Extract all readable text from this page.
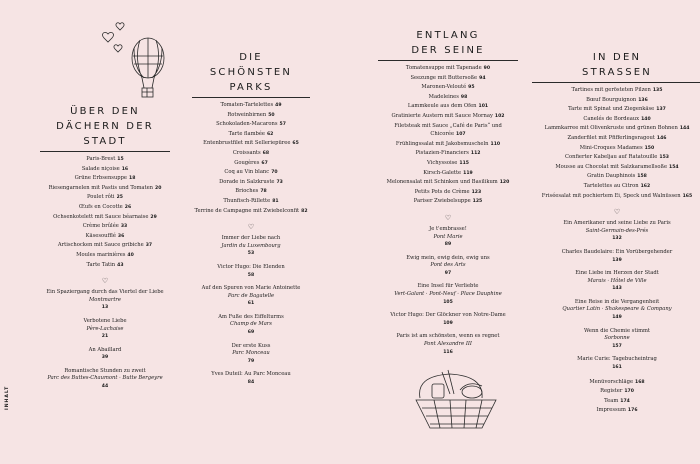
INHALT
ÜBER DEN
DÄCHERN DER
STADT
Paris-Brest 15
Salade niçoise 16
Grüne Erbsensuppe 18
Riesengarnelen mit Pastis und Tomaten 20
Poulet rôti 25
Œufs en Cocotte 26
Ochsenkotelett mit Sauce béarnaise 29
Crème brûlée 33
Käsesoufflé 36
Artischocken mit Sauce gribiche 37
Moules marinières 40
Tarte Tatin 43
♡

Ein Spaziergang durch das Viertel der Liebe
Montmartre
13

Verbotene Liebe
Père-Lachaise
21

An Abaillard
39

Romantische Stunden zu zweit
Parc des Buttes-Chaumont · Butte Bergeyre
44

DIE
SCHÖNSTEN
PARKS
Tomaten-Tartelettes 49
Rotweinbirnen 50
Schokoladen-Macarons 57
Tarte flambée 62
Entenbrustfilet mit Selleriepüree 65
Croissants 68
Gougères 67
Coq au Vin blanc 70
Dorade in Salzkruste 73
Brioches 78
Thunfisch-Rillette 81
Terrine de Campagne mit Zwiebelconfit 82
♡

Immer der Liebe nach
Jardin du Luxembourg
53

Victor Hugo: Die Elenden
58

Auf den Spuren von Marie Antoinette
Parc de Bagatelle
61

Am Fuße des Eiffelturms
Champ de Mars
69

Der erste Kuss
Parc Monceau
79

Yves Duteil: Au Parc Monceau
84

ENTLANG
DER SEINE
Tomatensuppe mit Tapenade 90
Seezunge mit Buttersoße 94
Maronen-Velouté 95
Madeleines 98
Lammkeule aus dem Ofen 101
Gratinierte Austern mit Sauce Mornay 102
Filetsteak mit Sauce „Café de Paris“ und Chicorée 107
Frühlingssalat mit Jakobsmuscheln 110
Pistazien-Financiers 112
Vichyssoise 115
Kirsch-Galette 119
Melonensalat mit Schinken und Basilikum 120
Petits Pots de Crème 123
Pariser Zwiebelsuppe 125
♡

Je t'embrasse!
Pont Marie
89

Ewig mein, ewig dein, ewig uns
Pont des Arts
97

Eine Insel für Verliebte
Vert-Galant · Pont-Neuf · Place Dauphine
105

Victor Hugo: Der Glöckner von Notre-Dame
109

Paris ist am schönsten, wenn es regnet
Pont Alexandre III
116

IN DEN
STRASSEN
Tartines mit gerösteten Pilzen 135
Bœuf Bourguignon 136
Tarte mit Spinat und Ziegenkäse 137
Canelés de Bordeaux 140
Lammkarree mit Olivenkruste und grünen Bohnen 144
Zanderfilet mit Pfifferlingsragout 146
Mini-Croques Madames 150
Confierter Kabeljau auf Ratatouille 153
Mousse au Chocolat mit Salzkaramellsoße 154
Gratin Dauphinois 158
Tartelettes au Citron 162
Friséesalat mit pochiertem Ei, Speck und Walnüssen 165
♡

Ein Amerikaner und seine Liebe zu Paris
Saint-Germain-des-Prés
132

Charles Baudelaire: Ein Vorübergehender
139

Eine Liebe im Herzen der Stadt
Marais · Hôtel de Ville
143

Eine Reise in die Vergangenheit
Quartier Latin · Shakespeare & Company
149

Wenn die Chemie stimmt
Sorbonne
157

Marie Curie: Tagebucheintrag
161

Menüvorschläge 168
Register 170
Team 174
Impressum 176
